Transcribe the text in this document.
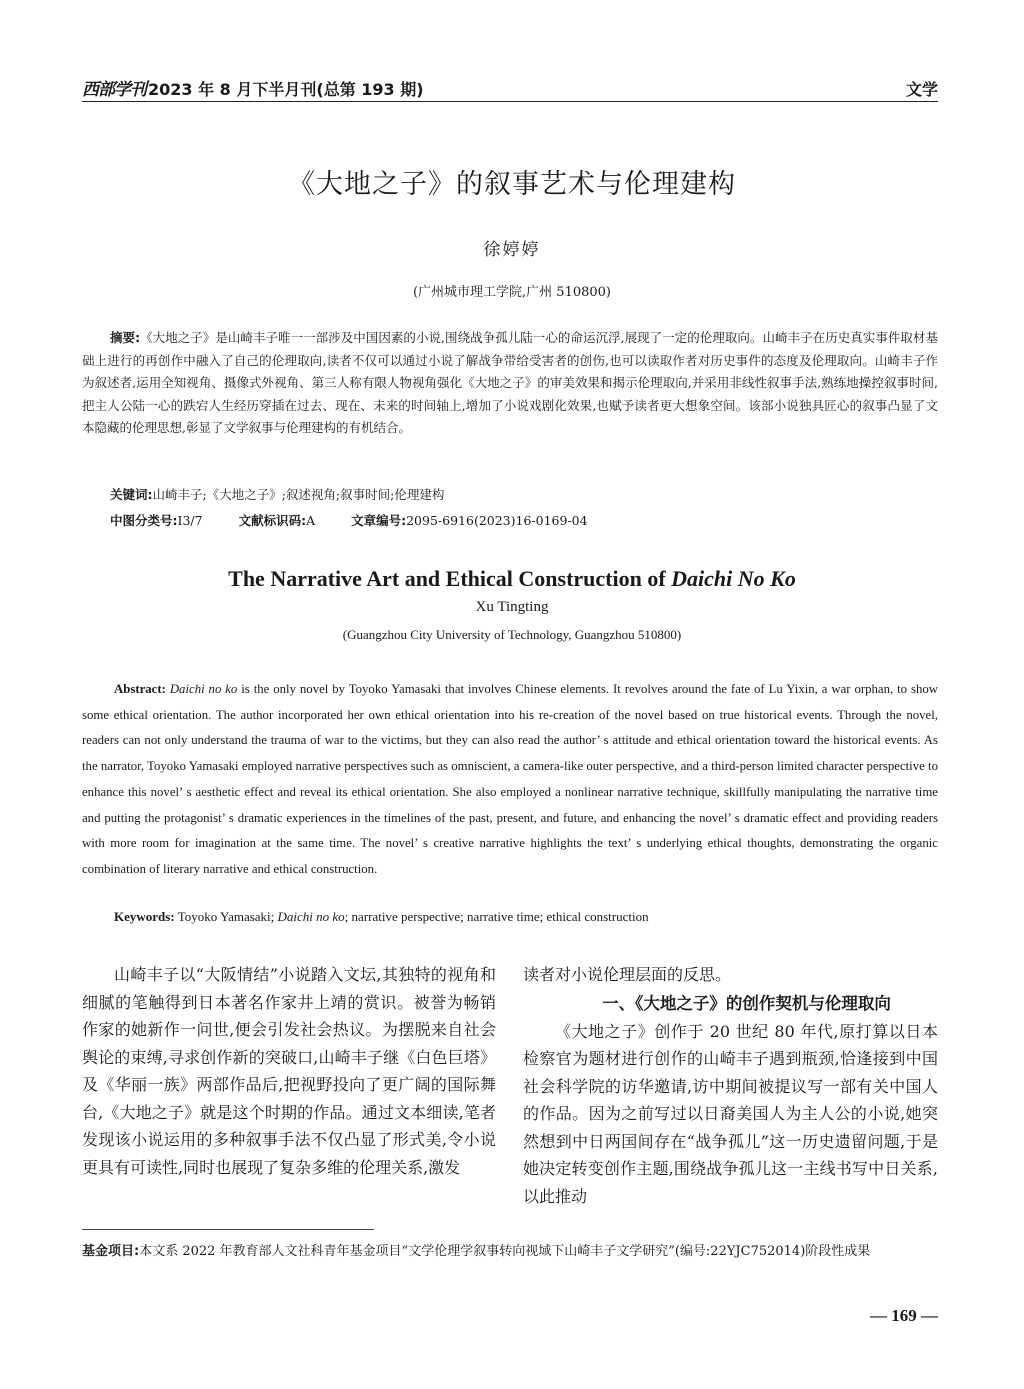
西部学刊 2023 年 8 月下半月刊(总第 193 期)	文学
《大地之子》的叙事艺术与伦理建构
徐婷婷
(广州城市理工学院,广州 510800)
摘要:《大地之子》是山崎丰子唯一一部涉及中国因素的小说,围绕战争孤儿陆一心的命运沉浮,展现了一定的伦理取向。山崎丰子在历史真实事件取材基础上进行的再创作中融入了自己的伦理取向,读者不仅可以通过小说了解战争带给受害者的创伤,也可以读取作者对历史事件的态度及伦理取向。山崎丰子作为叙述者,运用全知视角、摄像式外视角、第三人称有限人物视角强化《大地之子》的审美效果和揭示伦理取向,并采用非线性叙事手法,熟练地操控叙事时间,把主人公陆一心的跌宕人生经历穿插在过去、现在、未来的时间轴上,增加了小说戏剧化效果,也赋予读者更大想象空间。该部小说独具匠心的叙事凸显了文本隐藏的伦理思想,彰显了文学叙事与伦理建构的有机结合。
关键词:山崎丰子;《大地之子》;叙述视角;叙事时间;伦理建构
中图分类号:I3/7	文献标识码:A	文章编号:2095-6916(2023)16-0169-04
The Narrative Art and Ethical Construction of Daichi No Ko
Xu Tingting
(Guangzhou City University of Technology, Guangzhou 510800)
Abstract: Daichi no ko is the only novel by Toyoko Yamasaki that involves Chinese elements. It revolves around the fate of Lu Yixin, a war orphan, to show some ethical orientation. The author incorporated her own ethical orientation into his re-creation of the novel based on true historical events. Through the novel, readers can not only understand the trauma of war to the victims, but they can also read the author’ s attitude and ethical orientation toward the historical events. As the narrator, Toyoko Yamasaki employed narrative perspectives such as omniscient, a camera-like outer perspective, and a third-person limited character perspective to enhance this novel’ s aesthetic effect and reveal its ethical orientation. She also employed a nonlinear narrative technique, skillfully manipulating the narrative time and putting the protagonist’ s dramatic experiences in the timelines of the past, present, and future, and enhancing the novel’ s dramatic effect and providing readers with more room for imagination at the same time. The novel’ s creative narrative highlights the text’ s underlying ethical thoughts, demonstrating the organic combination of literary narrative and ethical construction.
Keywords: Toyoko Yamasaki; Daichi no ko; narrative perspective; narrative time; ethical construction

山崎丰子以“大阪情结”小说踏入文坛,其独特的视角和细腻的笔触得到日本著名作家井上靖的赏识。被誉为畅销作家的她新作一问世,便会引发社会热议。为摆脱来自社会舆论的束缚,寻求创作新的突破口,山崎丰子继《白色巨塔》及《华丽一族》两部作品后,把视野投向了更广阔的国际舞台,《大地之子》就是这个时期的作品。通过文本细读,笔者发现该小说运用的多种叙事手法不仅凸显了形式美,令小说更具有可读性,同时也展现了复杂多维的伦理关系,激发

读者对小说伦理层面的反思。

一、《大地之子》的创作契机与伦理取向

《大地之子》创作于 20 世纪 80 年代,原打算以日本检察官为题材进行创作的山崎丰子遇到瓶颈,恰逢接到中国社会科学院的访华邀请,访中期间被提议写一部有关中国人的作品。因为之前写过以日裔美国人为主人公的小说,她突然想到中日两国间存在“战争孤儿”这一历史遗留问题,于是她决定转变创作主题,围绕战争孤儿这一主线书写中日关系,以此推动

基金项目:本文系 2022 年教育部人文社科青年基金项目“文学伦理学叙事转向视域下山崎丰子文学研究”(编号:22YJC752014)阶段性成果
— 169 —
